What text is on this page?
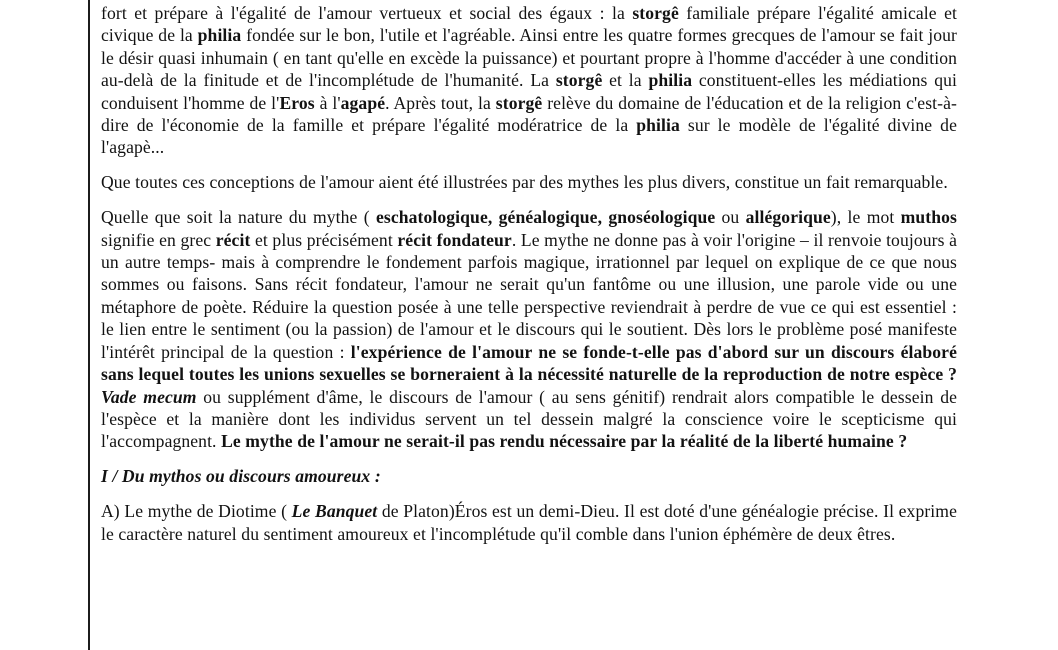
fort et prépare à l'égalité de l'amour vertueux et social des égaux : la storgê familiale prépare l'égalité amicale et civique de la philia fondée sur le bon, l'utile et l'agréable. Ainsi entre les quatre formes grecques de l'amour se fait jour le désir quasi inhumain ( en tant qu'elle en excède la puissance) et pourtant propre à l'homme d'accéder à une condition au-delà de la finitude et de l'incomplétude de l'humanité. La storgê et la philia constituent-elles les médiations qui conduisent l'homme de l'Eros à l'agapé. Après tout, la storgê relève du domaine de l'éducation et de la religion c'est-à-dire de l'économie de la famille et prépare l'égalité modératrice de la philia sur le modèle de l'égalité divine de l'agapè...

Que toutes ces conceptions de l'amour aient été illustrées par des mythes les plus divers, constitue un fait remarquable.

Quelle que soit la nature du mythe ( eschatologique, généalogique, gnoséologique ou allégorique), le mot muthos signifie en grec récit et plus précisément récit fondateur. Le mythe ne donne pas à voir l'origine – il renvoie toujours à un autre temps- mais à comprendre le fondement parfois magique, irrationnel par lequel on explique de ce que nous sommes ou faisons. Sans récit fondateur, l'amour ne serait qu'un fantôme ou une illusion, une parole vide ou une métaphore de poète. Réduire la question posée à une telle perspective reviendrait à perdre de vue ce qui est essentiel : le lien entre le sentiment (ou la passion) de l'amour et le discours qui le soutient. Dès lors le problème posé manifeste l'intérêt principal de la question : l'expérience de l'amour ne se fonde-t-elle pas d'abord sur un discours élaboré sans lequel toutes les unions sexuelles se borneraient à la nécessité naturelle de la reproduction de notre espèce ? Vade mecum ou supplément d'âme, le discours de l'amour ( au sens génitif) rendrait alors compatible le dessein de l'espèce et la manière dont les individus servent un tel dessein malgré la conscience voire le scepticisme qui l'accompagnent. Le mythe de l'amour ne serait-il pas rendu nécessaire par la réalité de la liberté humaine ?

I / Du mythos ou discours amoureux :

A) Le mythe de Diotime ( Le Banquet de Platon)Éros est un demi-Dieu. Il est doté d'une généalogie précise. Il exprime le caractère naturel du sentiment amoureux et l'incomplétude qu'il comble dans l'union éphémère de deux êtres.
